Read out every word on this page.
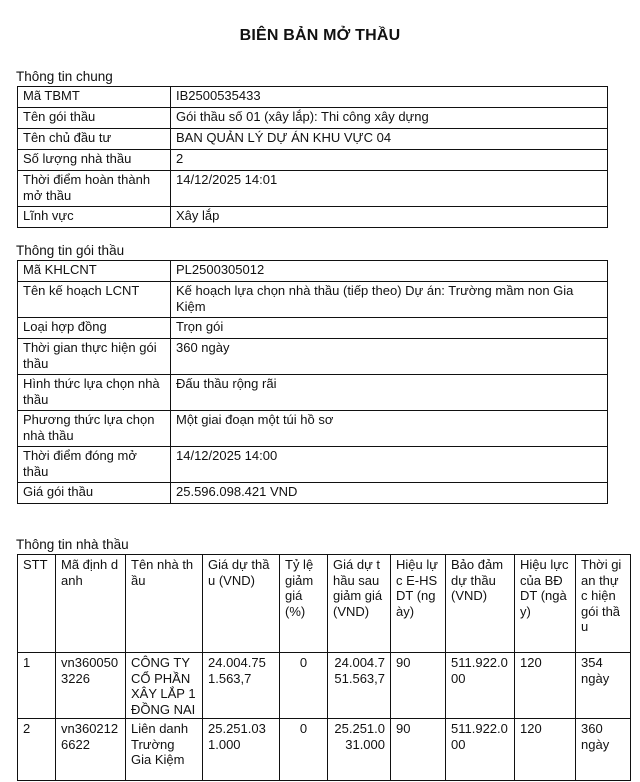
BIÊN BẢN MỞ THẦU
Thông tin chung
Mã TBMT	IB2500535433
Tên gói thầu	Gói thầu số 01 (xây lắp): Thi công xây dựng
Tên chủ đầu tư	BAN QUẢN LÝ DỰ ÁN KHU VỰC 04
Số lượng nhà thầu	2
Thời điểm hoàn thành mở thầu	14/12/2025 14:01
Lĩnh vực	Xây lắp
Thông tin gói thầu
Mã KHLCNT	PL2500305012
Tên kế hoạch LCNT	Kế hoạch lựa chọn nhà thầu (tiếp theo) Dự án: Trường mầm non Gia Kiệm
Loại hợp đồng	Trọn gói
Thời gian thực hiện gói thầu	360 ngày
Hình thức lựa chọn nhà thầu	Đấu thầu rộng rãi
Phương thức lựa chọn nhà thầu	Một giai đoạn một túi hồ sơ
Thời điểm đóng mở thầu	14/12/2025 14:00
Giá gói thầu	25.596.098.421 VND
Thông tin nhà thầu
STT	Mã định danh	Tên nhà thầu	Giá dự thầu (VND)	Tỷ lệ giảm giá (%)	Giá dự thầu sau giảm giá (VND)	Hiệu lực E-HSDT (ngày)	Bảo đảm dự thầu (VND)	Hiệu lực của BĐ DT (ngày)	Thời gian thực hiện gói thầu
1	vn3600503226	CÔNG TY CỔ PHẦN XÂY LẮP 1 ĐỒNG NAI	24.004.751.563,7	0	24.004.751.563,7	90	511.922.000	120	354 ngày
2	vn3602126622	Liên danh Trường Gia Kiệm	25.251.031.000	0	25.251.031.000	90	511.922.000	120	360 ngày
